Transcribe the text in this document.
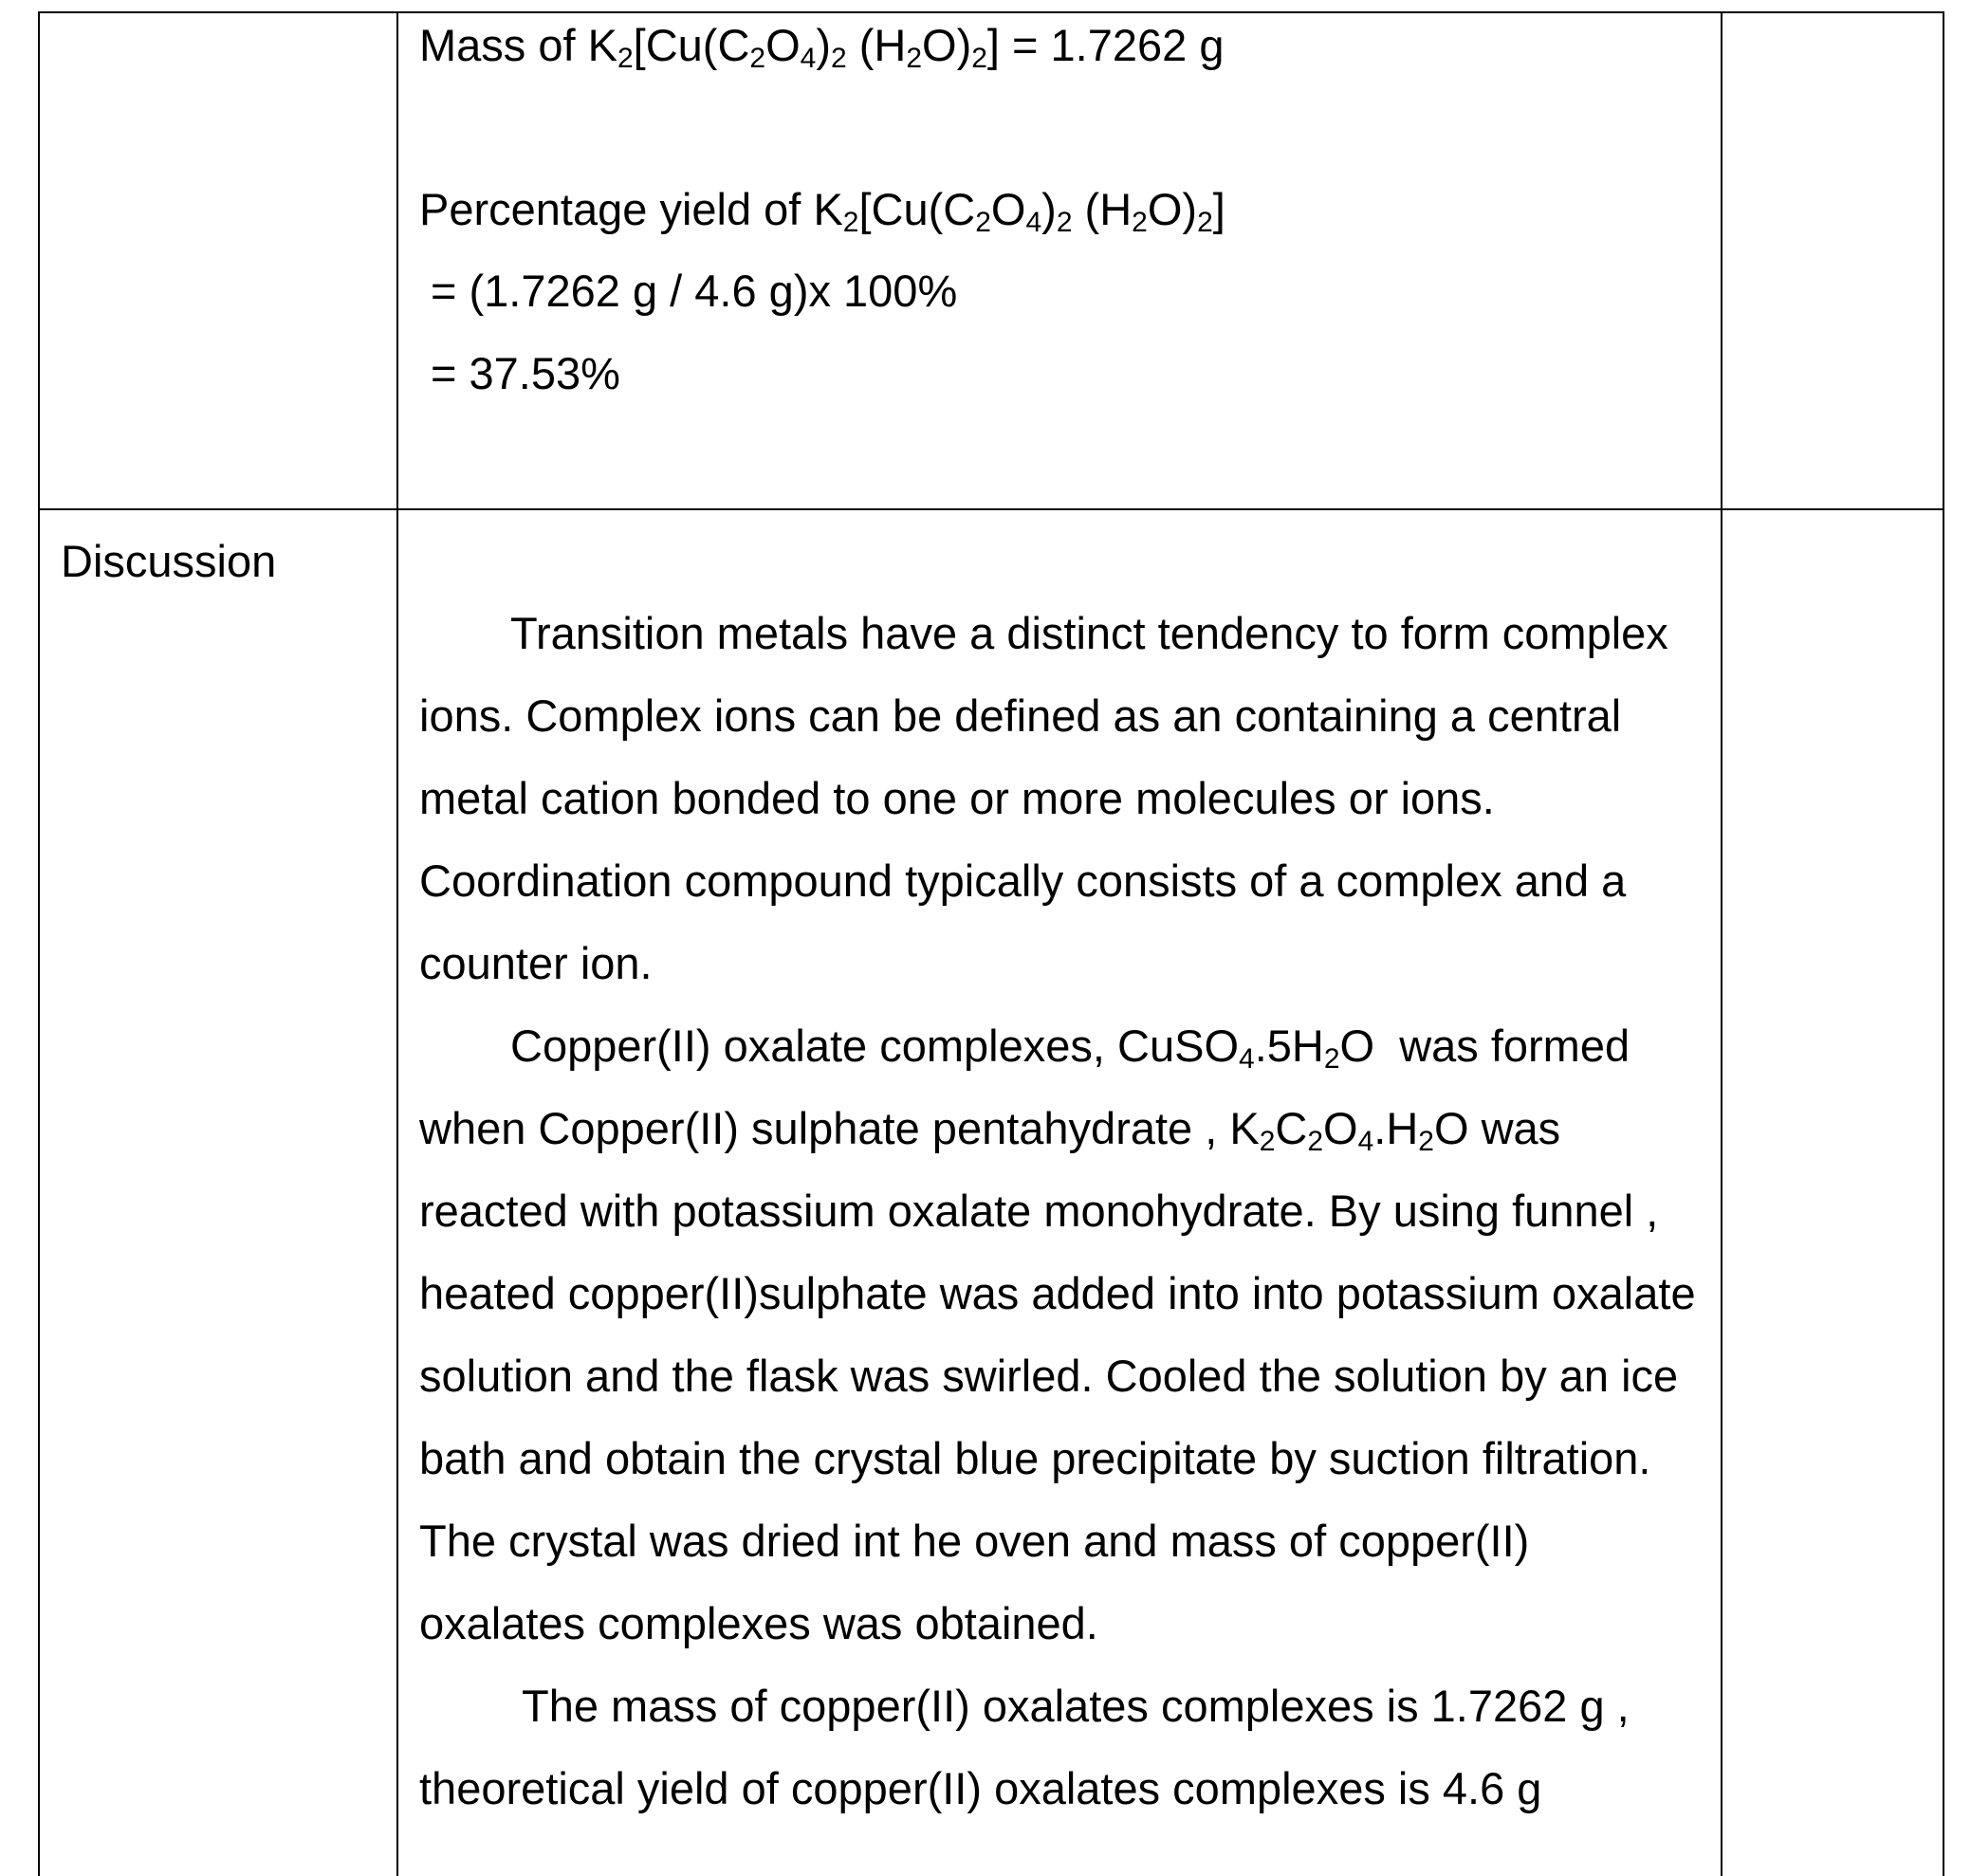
	Mass of $K_2[Cu(C_2O_4)_2$ $(H_2O)_2] = 1.7262$ g

Percentage yield of $K_2[Cu(C_2O_4)_2$ $(H_2O)_2$]

= (1.7262 g / 4.6 g)x 100%

= 37.53%	

Discussion	Transition metals have a distinct tendency to form complex ions. Complex ions can be defined as an containing a central metal cation bonded to one or more molecules or ions. Coordination compound typically consists of a complex and a counter ion.

Copper(II) oxalate complexes, $CuSO_4.5H_2O$  was formed when Copper(II) sulphate pentahydrate , $K_2C_2O_4.H_2O$ was reacted with potassium oxalate monohydrate. By using funnel , heated copper(II)sulphate was added into into potassium oxalate solution and the flask was swirled. Cooled the solution by an ice bath and obtain the crystal blue precipitate by suction filtration. The crystal was dried int he oven and mass of copper(II) oxalates complexes was obtained.

The mass of copper(II) oxalates complexes is 1.7262 g , theoretical yield of copper(II) oxalates complexes is 4.6 g	
